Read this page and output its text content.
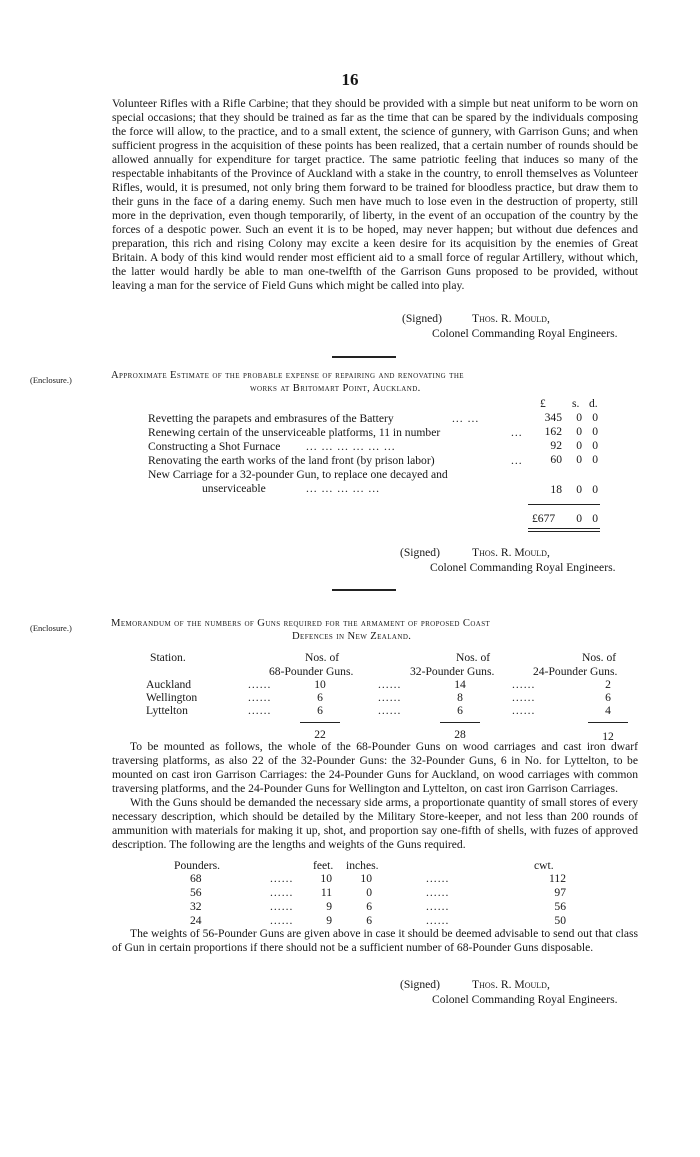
16

Volunteer Rifles with a Rifle Carbine; that they should be provided with a simple but neat uniform to be worn on special occasions; that they should be trained as far as the time that can be spared by the individuals composing the force will allow, to the practice, and to a small extent, the science of gunnery, with Garrison Guns; and when sufficient progress in the acquisition of these points has been realized, that a certain number of rounds should be allowed annually for expenditure for target practice. The same patriotic feeling that induces so many of the respectable inhabitants of the Province of Auckland with a stake in the country, to enroll themselves as Volunteer Rifles, would, it is presumed, not only bring them forward to be trained for bloodless practice, but draw them to their guns in the face of a daring enemy. Such men have much to lose even in the destruction of property, still more in the deprivation, even though temporarily, of liberty, in the event of an occupation of the country by the forces of a despotic power. Such an event it is to be hoped, may never happen; but without due defences and preparation, this rich and rising Colony may excite a keen desire for its acquisition by the enemies of Great Britain. A body of this kind would render most efficient aid to a small force of regular Artillery, without which, the latter would hardly be able to man one-twelfth of the Garrison Guns proposed to be provided, without leaving a man for the service of Field Guns which might be called into play.

(Signed)	Thos. R. Mould,
Colonel Commanding Royal Engineers.
(Enclosure.)	Approximate Estimate of the probable expense of repairing and renovating the
works at Britomart Point, Auckland.
£ s. d.
Revetting the parapets and embrasures of the Battery	... ...	345	0 0
Renewing certain of the unserviceable platforms, 11 in number	...	162	0 0
Constructing a Shot Furnace ... ... ... ... ... ...	92	0 0
Renovating the earth works of the land front (by prison labor)	...	60	0 0
New Carriage for a 32-pounder Gun, to replace one decayed and
unserviceable	... ... ... ... ...	18	0 0
£677	0 0
(Signed)	Thos. R. Mould,
Colonel Commanding Royal Engineers.
(Enclosure.)	Memorandum of the numbers of Guns required for the armament of proposed Coast
Defences in New Zealand.
Station.	Nos. of
68-Pounder Guns.
Nos. of
32-Pounder Guns.
Nos. of
24-Pounder Guns.
Auckland	......	10	......	14	......	2
Wellington	......	6	......	8	......	6
Lyttelton	......	6	......	6	......	4
22	28	12

To be mounted as follows, the whole of the 68-Pounder Guns on wood carriages and cast iron dwarf traversing platforms, as also 22 of the 32-Pounder Guns: the 32-Pounder Guns, 6 in No. for Lyttelton, to be mounted on cast iron Garrison Carriages: the 24-Pounder Guns for Auckland, on wood carriages with common traversing platforms, and the 24-Pounder Guns for Wellington and Lyttelton, on cast iron Garrison Carriages.

With the Guns should be demanded the necessary side arms, a proportionate quantity of small stores of every necessary description, which should be detailed by the Military Store-keeper, and not less than 200 rounds of ammunition with materials for making it up, shot, and proportion say one-fifth of shells, with fuzes of approved description. The following are the lengths and weights of the Guns required.

Pounders.	feet. inches.	cwt.
68	......	10	10	......	112
56	......	11	0	......	97
32	......	9	6	......	56
24	......	9	6	......	50

The weights of 56-Pounder Guns are given above in case it should be deemed advisable to send out that class of Gun in certain proportions if there should not be a sufficient number of 68-Pounder Guns disposable.

(Signed)	Thos. R. Mould,
Colonel Commanding Royal Engineers.
